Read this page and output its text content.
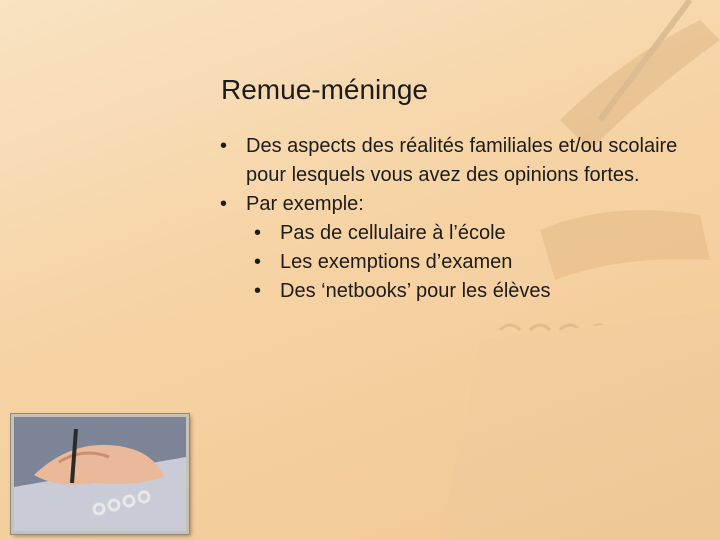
Remue-méninge
• Des aspects des réalités familiales et/ou scolaire pour lesquels vous avez des opinions fortes.
• Par exemple:
• Pas de cellulaire à l’école
• Les exemptions d’examen
• Des ‘netbooks’ pour les élèves
